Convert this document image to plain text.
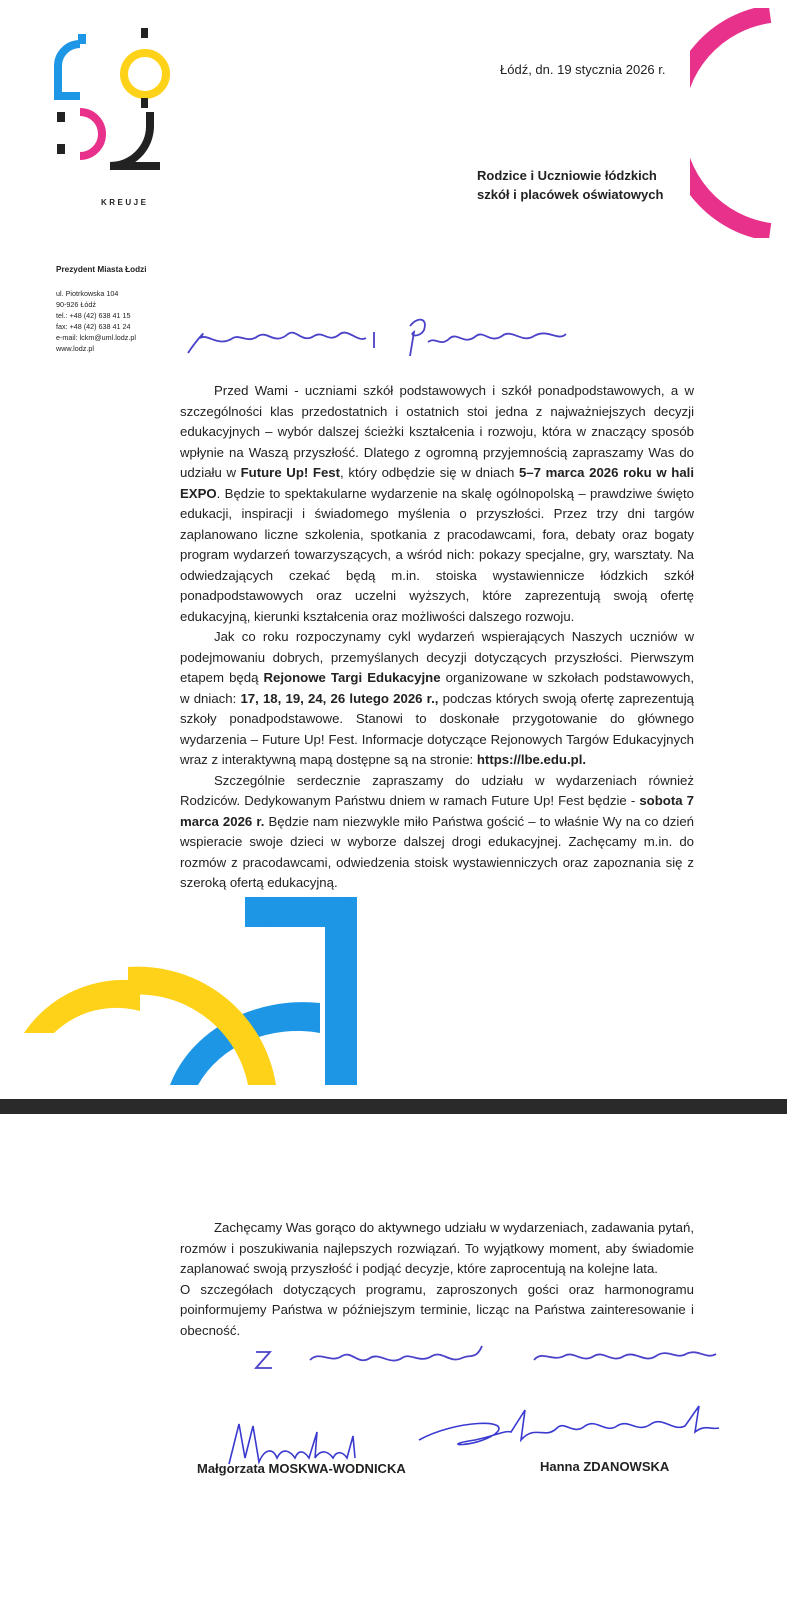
KREUJE
Łódź, dn. 19 stycznia 2026 r.
Rodzice i Uczniowie łódzkich
szkół i placówek oświatowych
Prezydent Miasta Łodzi
ul. Piotrkowska 104
90-926 Łódź
tel.: +48 (42) 638 41 15
fax: +48 (42) 638 41 24
e-mail: lckm@uml.lodz.pl
www.lodz.pl

Przed Wami - uczniami szkół podstawowych i szkół ponadpodstawowych, a w szczególności klas przedostatnich i ostatnich stoi jedna z najważniejszych decyzji edukacyjnych – wybór dalszej ścieżki kształcenia i rozwoju, która w znaczący sposób wpłynie na Waszą przyszłość. Dlatego z ogromną przyjemnością zapraszamy Was do udziału w Future Up! Fest, który odbędzie się w dniach 5–7 marca 2026 roku w hali EXPO. Będzie to spektakularne wydarzenie na skalę ogólnopolską – prawdziwe święto edukacji, inspiracji i świadomego myślenia o przyszłości. Przez trzy dni targów zaplanowano liczne szkolenia, spotkania z pracodawcami, fora, debaty oraz bogaty program wydarzeń towarzyszących, a wśród nich: pokazy specjalne, gry, warsztaty. Na odwiedzających czekać będą m.in. stoiska wystawiennicze łódzkich szkół ponadpodstawowych oraz uczelni wyższych, które zaprezentują swoją ofertę edukacyjną, kierunki kształcenia oraz możliwości dalszego rozwoju.

Jak co roku rozpoczynamy cykl wydarzeń wspierających Naszych uczniów w podejmowaniu dobrych, przemyślanych decyzji dotyczących przyszłości. Pierwszym etapem będą Rejonowe Targi Edukacyjne organizowane w szkołach podstawowych, w dniach: 17, 18, 19, 24, 26 lutego 2026 r., podczas których swoją ofertę zaprezentują szkoły ponadpodstawowe. Stanowi to doskonałe przygotowanie do głównego wydarzenia – Future Up! Fest. Informacje dotyczące Rejonowych Targów Edukacyjnych wraz z interaktywną mapą dostępne są na stronie: https://lbe.edu.pl.

Szczególnie serdecznie zapraszamy do udziału w wydarzeniach również Rodziców. Dedykowanym Państwu dniem w ramach Future Up! Fest będzie - sobota 7 marca 2026 r. Będzie nam niezwykle miło Państwa gościć – to właśnie Wy na co dzień wspieracie swoje dzieci w wyborze dalszej drogi edukacyjnej. Zachęcamy m.in. do rozmów z pracodawcami, odwiedzenia stoisk wystawienniczych oraz zapoznania się z szeroką ofertą edukacyjną.

Zachęcamy Was gorąco do aktywnego udziału w wydarzeniach, zadawania pytań, rozmów i poszukiwania najlepszych rozwiązań. To wyjątkowy moment, aby świadomie zaplanować swoją przyszłość i podjąć decyzje, które zaprocentują na kolejne lata.

O szczegółach dotyczących programu, zaproszonych gości oraz harmonogramu poinformujemy Państwa w późniejszym terminie, licząc na Państwa zainteresowanie i obecność.

Małgorzata MOSKWA-WODNICKA	Hanna ZDANOWSKA
